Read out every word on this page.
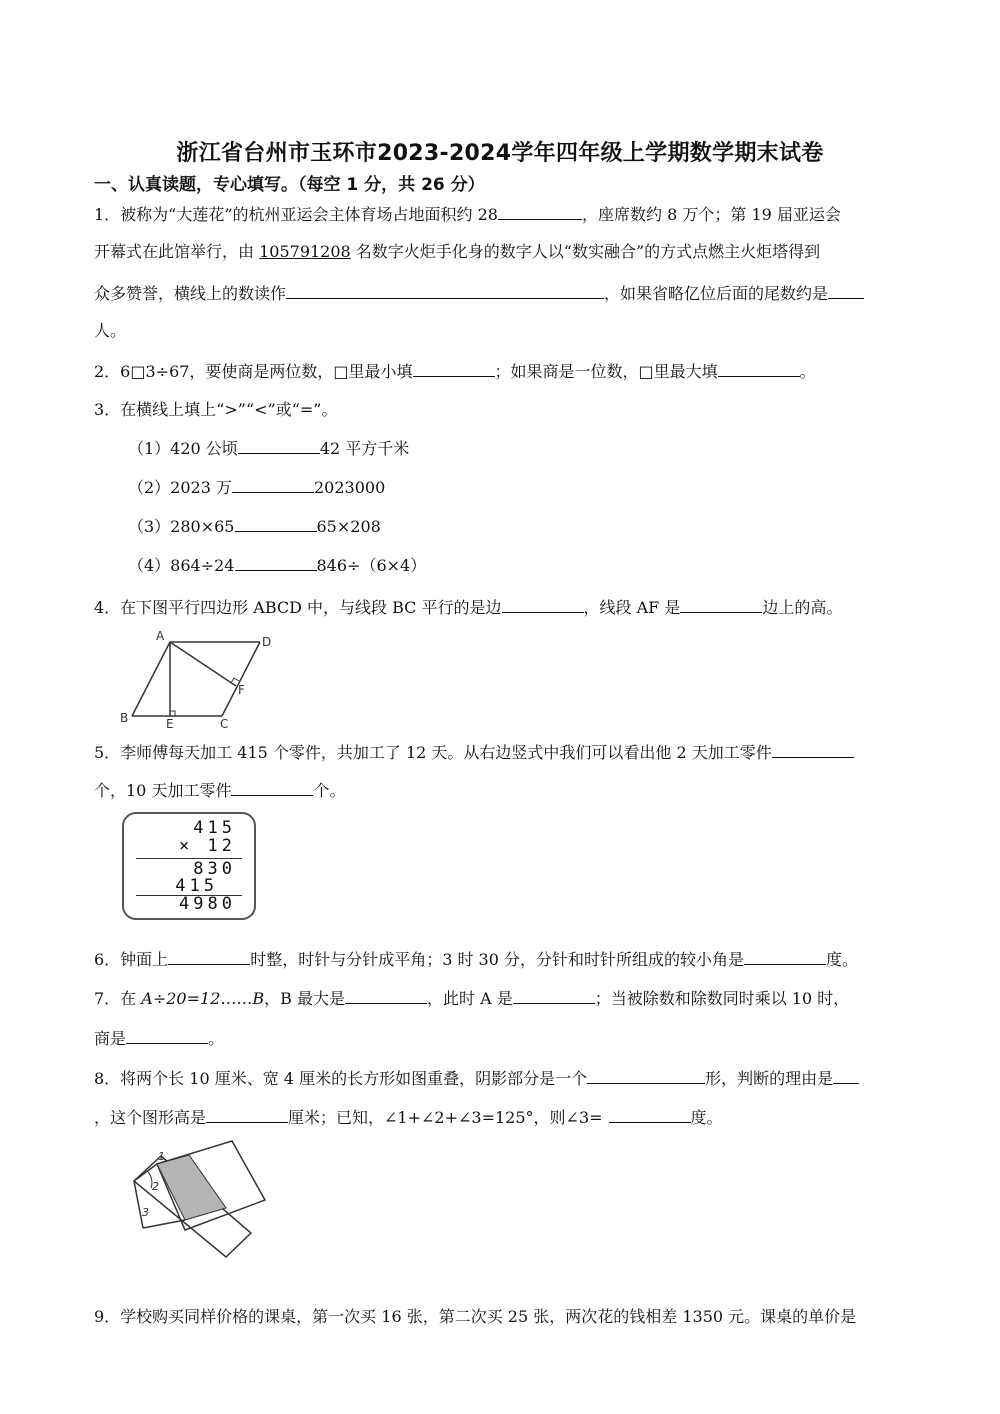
浙江省台州市玉环市2023-2024学年四年级上学期数学期末试卷
一、认真读题，专心填写。（每空 1 分，共 26 分）
1．被称为“大莲花”的杭州亚运会主体育场占地面积约 28	，座席数约 8 万个；第 19 届亚运会
开幕式在此馆举行，由 105791208 名数字火炬手化身的数字人以“数实融合”的方式点燃主火炬塔得到
众多赞誉，横线上的数读作	，如果省略亿位后面的尾数约是
人。
2．6□3÷67，要使商是两位数，□里最小填	；如果商是一位数，□里最大填	。
3．在横线上填上“>”“<”或“=”。
（1）420 公顷	42 平方千米
（2）2023 万	2023000
（3）280×65	65×208
（4）864÷24	846÷（6×4）
4．在下图平行四边形 ABCD 中，与线段 BC 平行的是边	，线段 AF 是	边上的高。
A	D
F
B	E	C
5．李师傅每天加工 415 个零件，共加工了 12 天。从右边竖式中我们可以看出他 2 天加工零件
个，10 天加工零件	个。
415
× 12
830
415
4980
6．钟面上	时整，时针与分针成平角；3 时 30 分，分针和时针所组成的较小角是	度。
7．在 A÷20=12……B，B 最大是	，此时 A 是	；当被除数和除数同时乘以 10 时，
商是	。
8．将两个长 10 厘米、宽 4 厘米的长方形如图重叠，阴影部分是一个	形，判断的理由是
，这个图形高是	厘米；已知，∠1+∠2+∠3=125°，则∠3=	度。
1
2
3
9．学校购买同样价格的课桌，第一次买 16 张，第二次买 25 张，两次花的钱相差 1350 元。课桌的单价是
